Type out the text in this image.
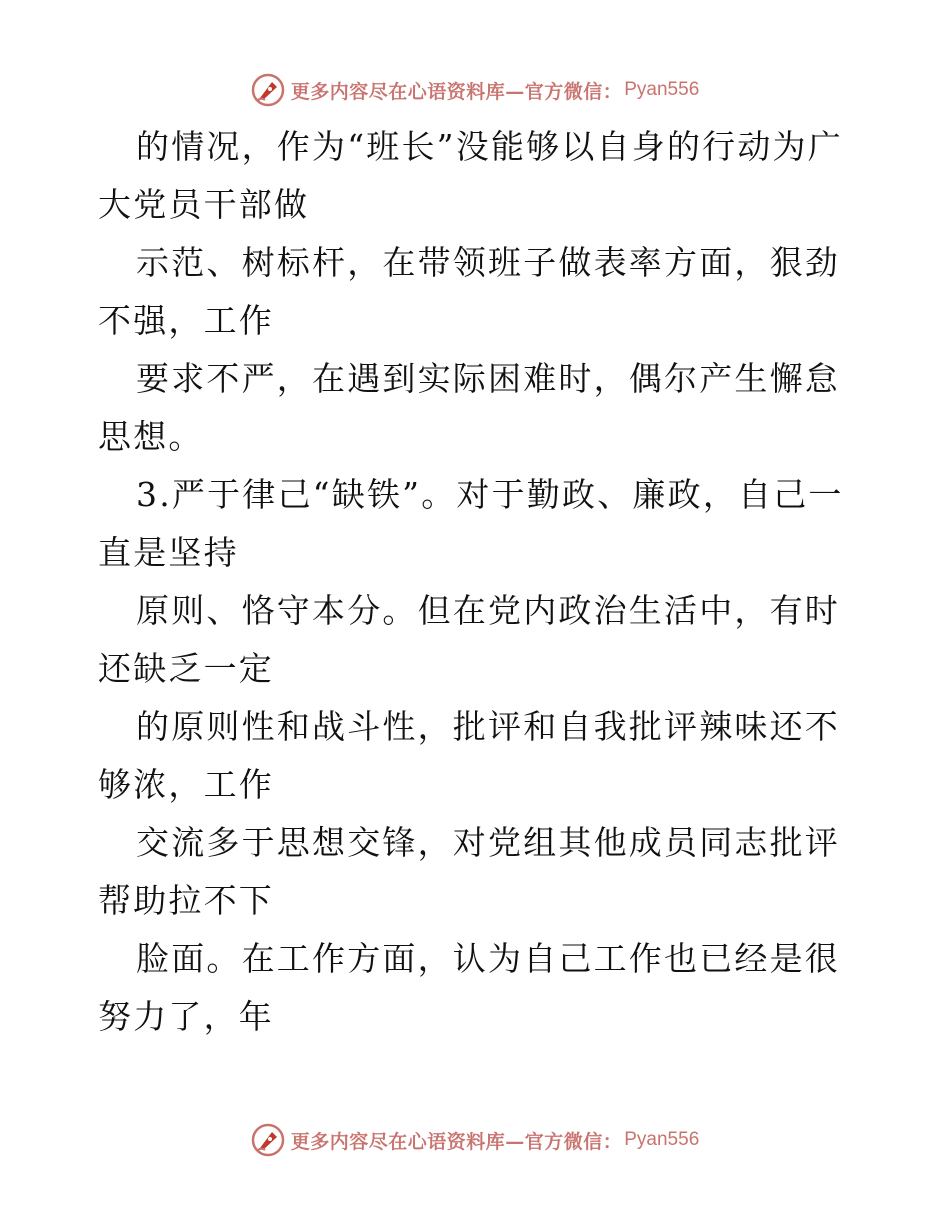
更多内容尽在心语资料库—官方微信： Pyan556

的情况，作为“班长”没能够以自身的行动为广大党员干部做

示范、树标杆，在带领班子做表率方面，狠劲不强，工作

要求不严，在遇到实际困难时，偶尔产生懈怠思想。

3.严于律己“缺铁”。对于勤政、廉政，自己一直是坚持

原则、恪守本分。但在党内政治生活中，有时还缺乏一定

的原则性和战斗性，批评和自我批评辣味还不够浓，工作

交流多于思想交锋，对党组其他成员同志批评帮助拉不下

脸面。在工作方面，认为自己工作也已经是很努力了，年

更多内容尽在心语资料库—官方微信： Pyan556
